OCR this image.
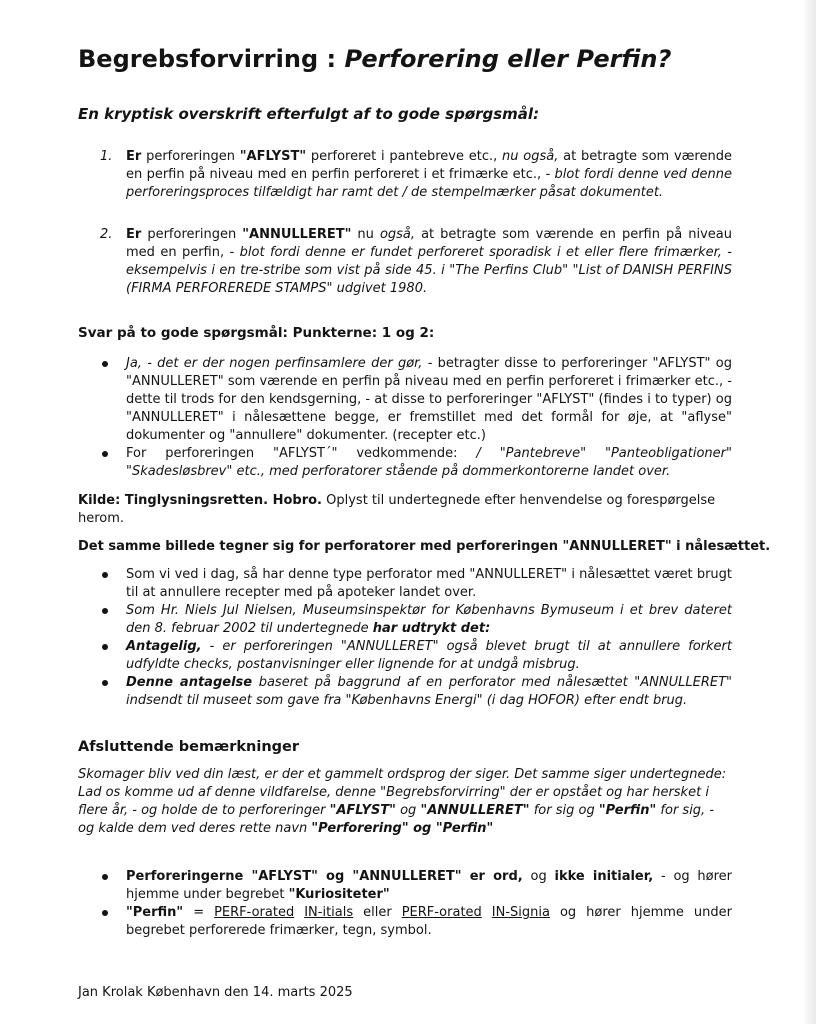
Begrebsforvirring : Perforering eller Perfin?
En kryptisk overskrift efterfulgt af to gode spørgsmål:
1. Er perforeringen "AFLYST" perforeret i pantebreve etc., nu også, at betragte som værende en perfin på niveau med en perfin perforeret i et frimærke etc., - blot fordi denne ved denne perforeringsproces tilfældigt har ramt det / de stempelmærker påsat dokumentet.
2. Er perforeringen "ANNULLERET" nu også, at betragte som værende en perfin på niveau med en perfin, - blot fordi denne er fundet perforeret sporadisk i et eller flere frimærker, - eksempelvis i en tre-stribe som vist på side 45. i "The Perfins Club" "List of DANISH PERFINS (FIRMA PERFOREREDE STAMPS" udgivet 1980.
Svar på to gode spørgsmål: Punkterne: 1 og 2:
Ja, - det er der nogen perfinsamlere der gør, - betragter disse to perforeringer "AFLYST" og "ANNULLERET" som værende en perfin på niveau med en perfin perforeret i frimærker etc., - dette til trods for den kendsgerning, - at disse to perforeringer "AFLYST" (findes i to typer) og "ANNULLERET" i nålesættene begge, er fremstillet med det formål for øje, at "aflyse" dokumenter og "annullere" dokumenter. (recepter etc.)
For perforeringen "AFLYST´" vedkommende: / "Pantebreve" "Panteobligationer" "Skadesløsbrev" etc., med perforatorer stående på dommerkontorerne landet over.
Kilde: Tinglysningsretten. Hobro. Oplyst til undertegnede efter henvendelse og forespørgelse herom.
Det samme billede tegner sig for perforatorer med perforeringen "ANNULLERET" i nålesættet.
Som vi ved i dag, så har denne type perforator med "ANNULLERET" i nålesættet været brugt til at annullere recepter med på apoteker landet over.
Som Hr. Niels Jul Nielsen, Museumsinspektør for Københavns Bymuseum i et brev dateret den 8. februar 2002 til undertegnede har udtrykt det:
Antagelig, - er perforeringen "ANNULLERET" også blevet brugt til at annullere forkert udfyldte checks, postanvisninger eller lignende for at undgå misbrug.
Denne antagelse baseret på baggrund af en perforator med nålesættet "ANNULLERET" indsendt til museet som gave fra "Københavns Energi" (i dag HOFOR) efter endt brug.
Afsluttende bemærkninger
Skomager bliv ved din læst, er der et gammelt ordsprog der siger. Det samme siger undertegnede: Lad os komme ud af denne vildfarelse, denne "Begrebsforvirring" der er opstået og har hersket i flere år, - og holde de to perforeringer "AFLYST" og "ANNULLERET" for sig og "Perfin" for sig, - og kalde dem ved deres rette navn "Perforering" og "Perfin"
Perforeringerne "AFLYST" og "ANNULLERET" er ord, og ikke initialer, - og hører hjemme under begrebet "Kuriositeter"
"Perfin" = PERF-orated IN-itials eller PERF-orated IN-Signia og hører hjemme under begrebet perforerede frimærker, tegn, symbol.
Jan Krolak København den 14. marts 2025
